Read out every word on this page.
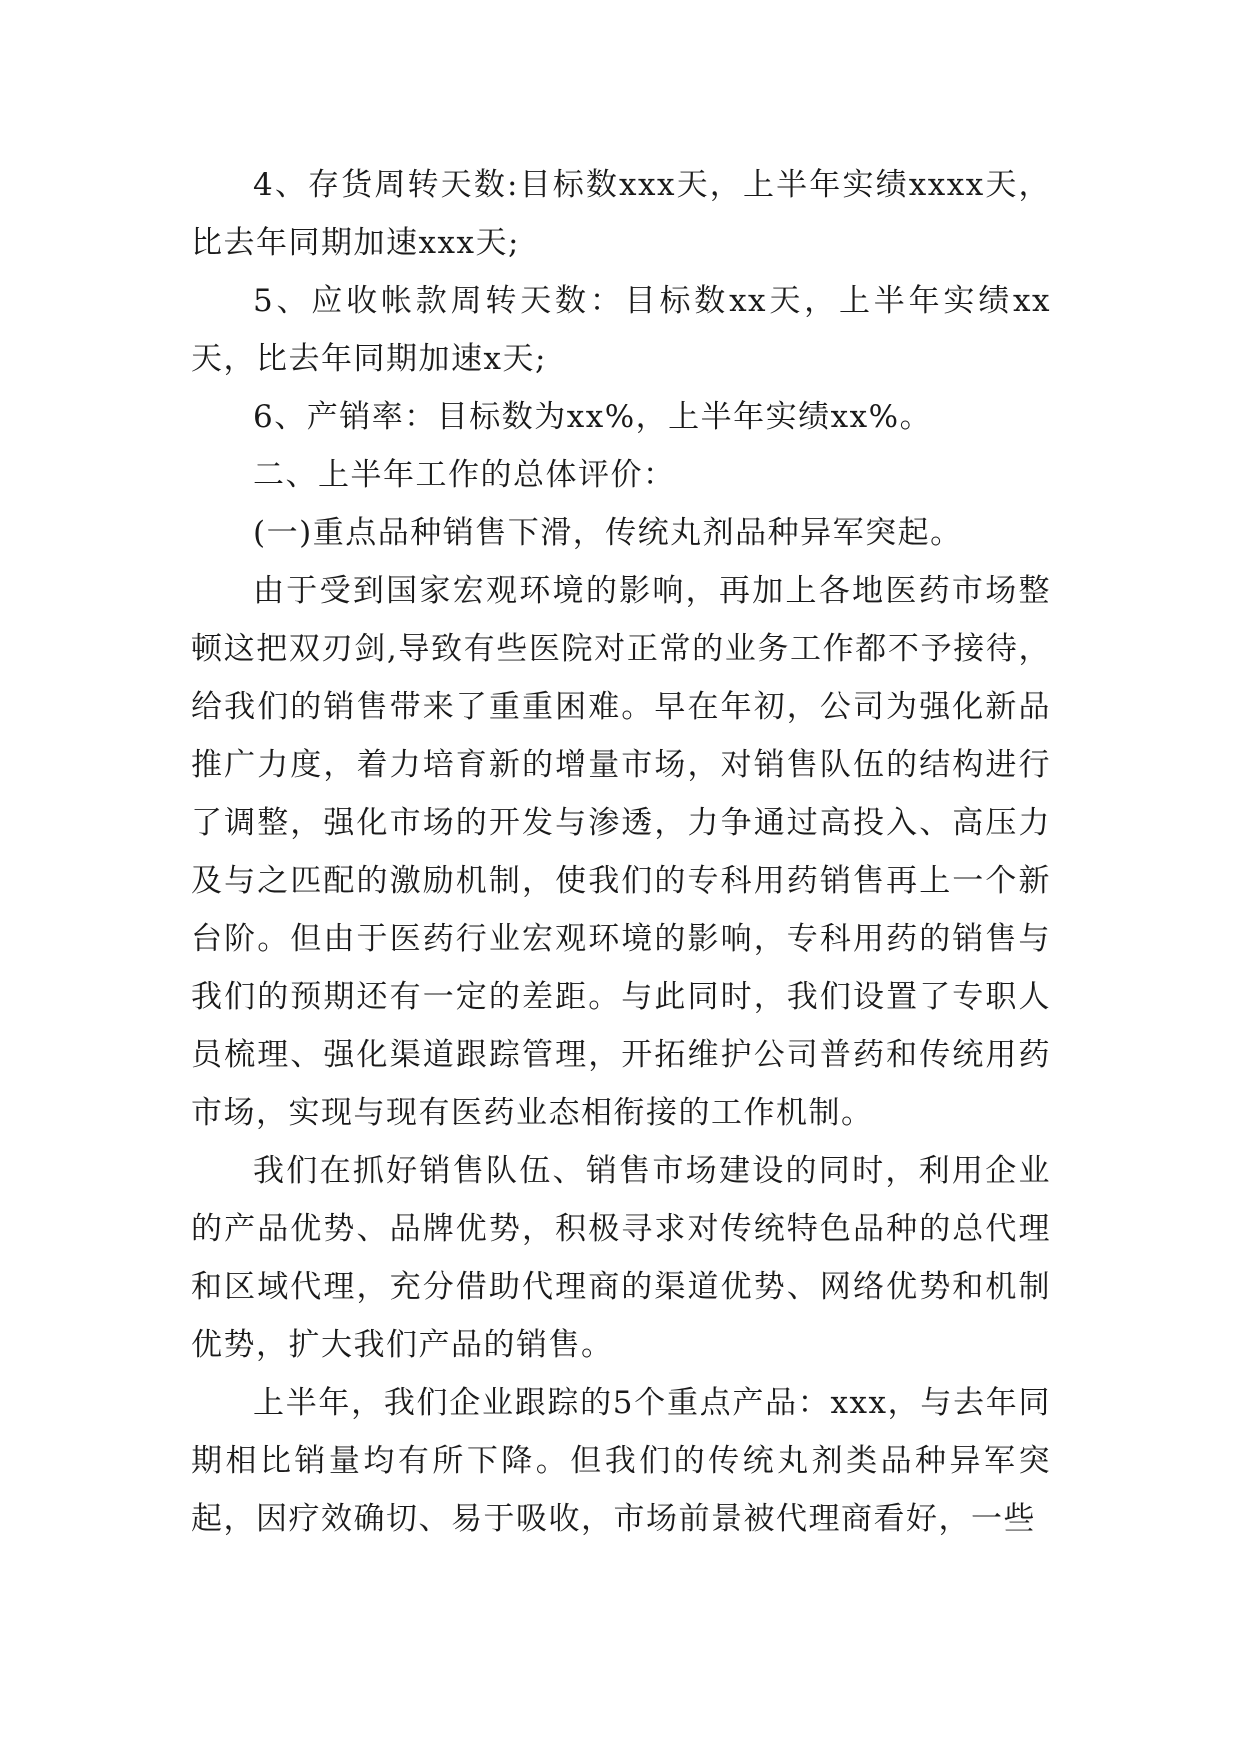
4、存货周转天数:目标数xxx天，上半年实绩xxxx天，比去年同期加速xxx天;

5、应收帐款周转天数：目标数xx天，上半年实绩xx天，比去年同期加速x天;

6、产销率：目标数为xx%，上半年实绩xx%。

二、上半年工作的总体评价：

(一)重点品种销售下滑，传统丸剂品种异军突起。

由于受到国家宏观环境的影响，再加上各地医药市场整顿这把双刃剑,导致有些医院对正常的业务工作都不予接待，给我们的销售带来了重重困难。早在年初，公司为强化新品推广力度，着力培育新的增量市场，对销售队伍的结构进行了调整，强化市场的开发与渗透，力争通过高投入、高压力及与之匹配的激励机制，使我们的专科用药销售再上一个新台阶。但由于医药行业宏观环境的影响，专科用药的销售与我们的预期还有一定的差距。与此同时，我们设置了专职人员梳理、强化渠道跟踪管理，开拓维护公司普药和传统用药市场，实现与现有医药业态相衔接的工作机制。

我们在抓好销售队伍、销售市场建设的同时，利用企业的产品优势、品牌优势，积极寻求对传统特色品种的总代理和区域代理，充分借助代理商的渠道优势、网络优势和机制优势，扩大我们产品的销售。

上半年，我们企业跟踪的5个重点产品：xxx，与去年同期相比销量均有所下降。但我们的传统丸剂类品种异军突起，因疗效确切、易于吸收，市场前景被代理商看好，一些
